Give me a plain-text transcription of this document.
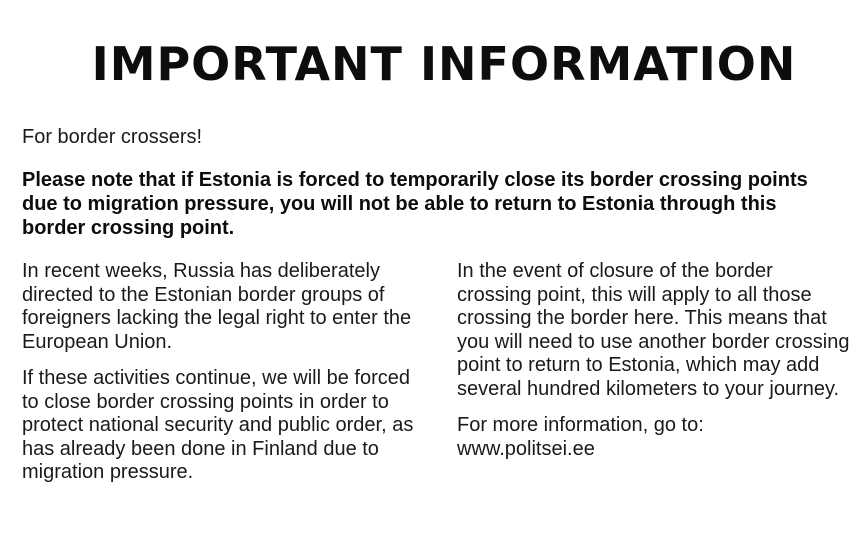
IMPORTANT INFORMATION
For border crossers!
Please note that if Estonia is forced to temporarily close its border crossing points due to migration pressure, you will not be able to return to Estonia through this border crossing point.

In recent weeks, Russia has deliberately directed to the Estonian border groups of foreigners lacking the legal right to enter the European Union.

If these activities continue, we will be forced to close border crossing points in order to protect national security and public order, as has already been done in Finland due to migration pressure.

In the event of closure of the border crossing point, this will apply to all those crossing the border here. This means that you will need to use another border crossing point to return to Estonia, which may add several hundred kilometers to your journey.

For more information, go to:
www.politsei.ee
